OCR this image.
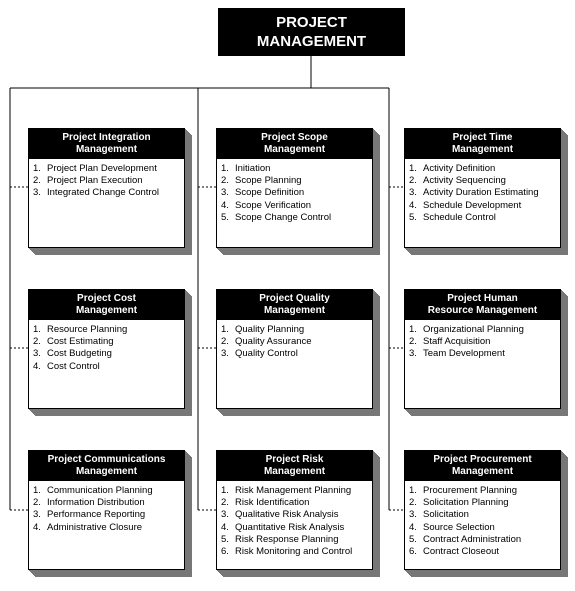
PROJECT
MANAGEMENT
Project Integration
Management
1. Project Plan Development
2. Project Plan Execution
3. Integrated Change Control
Project Scope
Management
1. Initiation
2. Scope Planning
3. Scope Definition
4. Scope Verification
5. Scope Change Control
Project Time
Management
1. Activity Definition
2. Activity Sequencing
3. Activity Duration Estimating
4. Schedule Development
5. Schedule Control
Project Cost
Management
1. Resource Planning
2. Cost Estimating
3. Cost Budgeting
4. Cost Control
Project Quality
Management
1. Quality Planning
2. Quality Assurance
3. Quality Control
Project Human
Resource Management
1. Organizational Planning
2. Staff Acquisition
3. Team Development
Project Communications
Management
1. Communication Planning
2. Information Distribution
3. Performance Reporting
4. Administrative Closure
Project Risk
Management
1. Risk Management Planning
2. Risk Identification
3. Qualitative Risk Analysis
4. Quantitative Risk Analysis
5. Risk Response Planning
6. Risk Monitoring and Control
Project Procurement
Management
1. Procurement Planning
2. Solicitation Planning
3. Solicitation
4. Source Selection
5. Contract Administration
6. Contract Closeout
